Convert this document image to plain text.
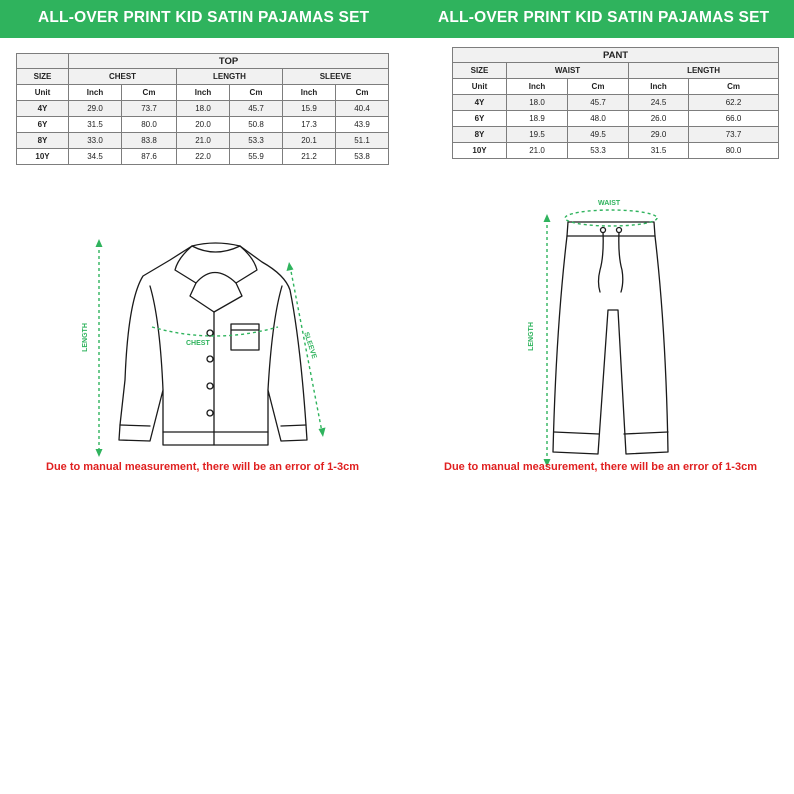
ALL-OVER PRINT KID SATIN PAJAMAS SET	ALL-OVER PRINT KID SATIN PAJAMAS SET
	TOP					
SIZE	CHEST		LENGTH		SLEEVE	
Unit	Inch	Cm	Inch	Cm	Inch	Cm
4Y	29.0	73.7	18.0	45.7	15.9	40.4
6Y	31.5	80.0	20.0	50.8	17.3	43.9
8Y	33.0	83.8	21.0	53.3	20.1	51.1
10Y	34.5	87.6	22.0	55.9	21.2	53.8
PANT				
SIZE	WAIST		LENGTH	
Unit	Inch	Cm	Inch	Cm
4Y	18.0	45.7	24.5	62.2
6Y	18.9	48.0	26.0	66.0
8Y	19.5	49.5	29.0	73.7
10Y	21.0	53.3	31.5	80.0
LENGTH	CHEST	SLEEVE	LENGTH
WAIST
Due to manual measurement, there will be an error of 1-3cm	Due to manual measurement, there will be an error of 1-3cm
